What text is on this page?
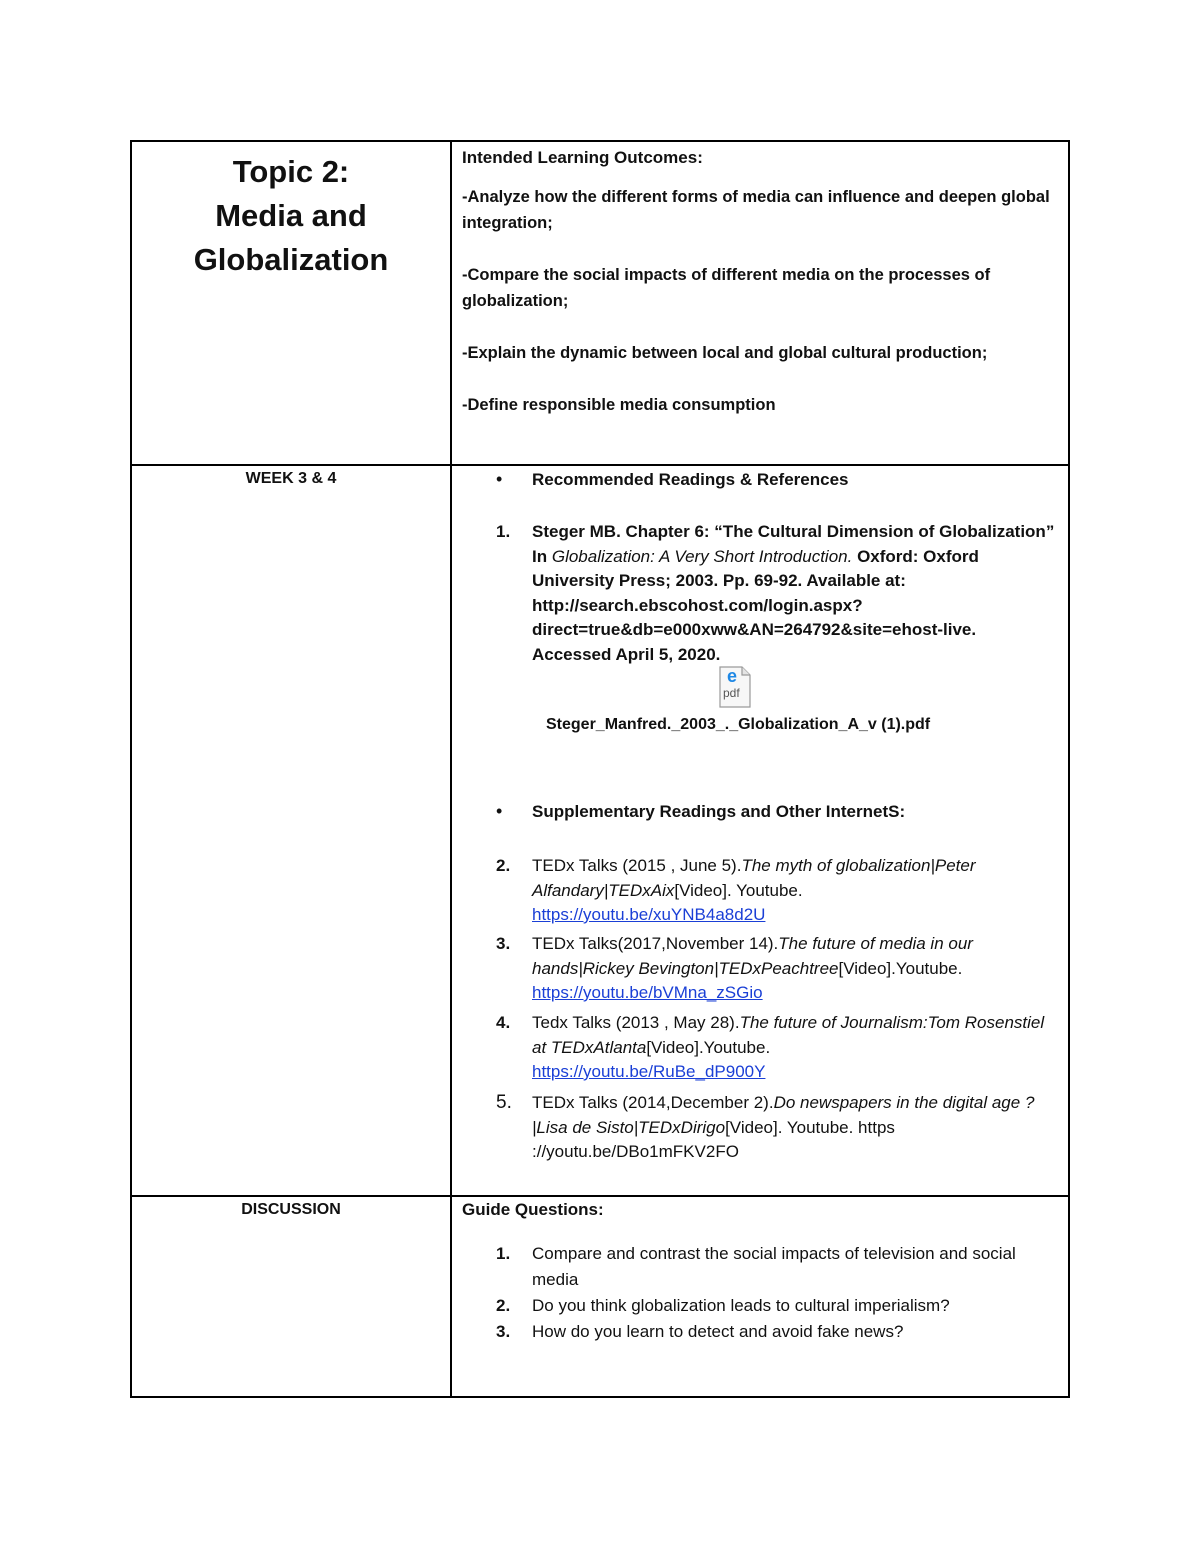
Topic 2:
Media and
Globalization
Intended Learning Outcomes:

-Analyze how the different forms of media can influence and deepen global integration;

-Compare the social impacts of different media on the processes of globalization;

-Explain the dynamic between local and global cultural production;

-Define responsible media consumption

WEEK 3 & 4	• Recommended Readings & References
1. Steger MB. Chapter 6: “The Cultural Dimension of Globalization” In Globalization: A Very Short Introduction. Oxford: Oxford University Press; 2003. Pp. 69-92. Available at: http://search.ebscohost.com/login.aspx?direct=true&db=e000xww&AN=264792&site=ehost-live. Accessed April 5, 2020.
e
pdf
Steger_Manfred._2003_._Globalization_A_v (1).pdf
• Supplementary Readings and Other InternetS:
2. TEDx Talks (2015 , June 5).The myth of globalization|Peter Alfandary|TEDxAix[Video]. Youtube.
https://youtu.be/xuYNB4a8d2U
3. TEDx Talks(2017,November 14).The future of media in our hands|Rickey Bevington|TEDxPeachtree[Video].Youtube.
https://youtu.be/bVMna_zSGio
4. Tedx Talks (2013 , May 28).The future of Journalism:Tom Rosenstiel at TEDxAtlanta[Video].Youtube.
https://youtu.be/RuBe_dP900Y
5. TEDx Talks (2014,December 2).Do newspapers in the digital age ?|Lisa de Sisto|TEDxDirigo[Video]. Youtube. https ://youtu.be/DBo1mFKV2FO
DISCUSSION	Guide Questions:
1. Compare and contrast the social impacts of television and social media
2. Do you think globalization leads to cultural imperialism?
3. How do you learn to detect and avoid fake news?
